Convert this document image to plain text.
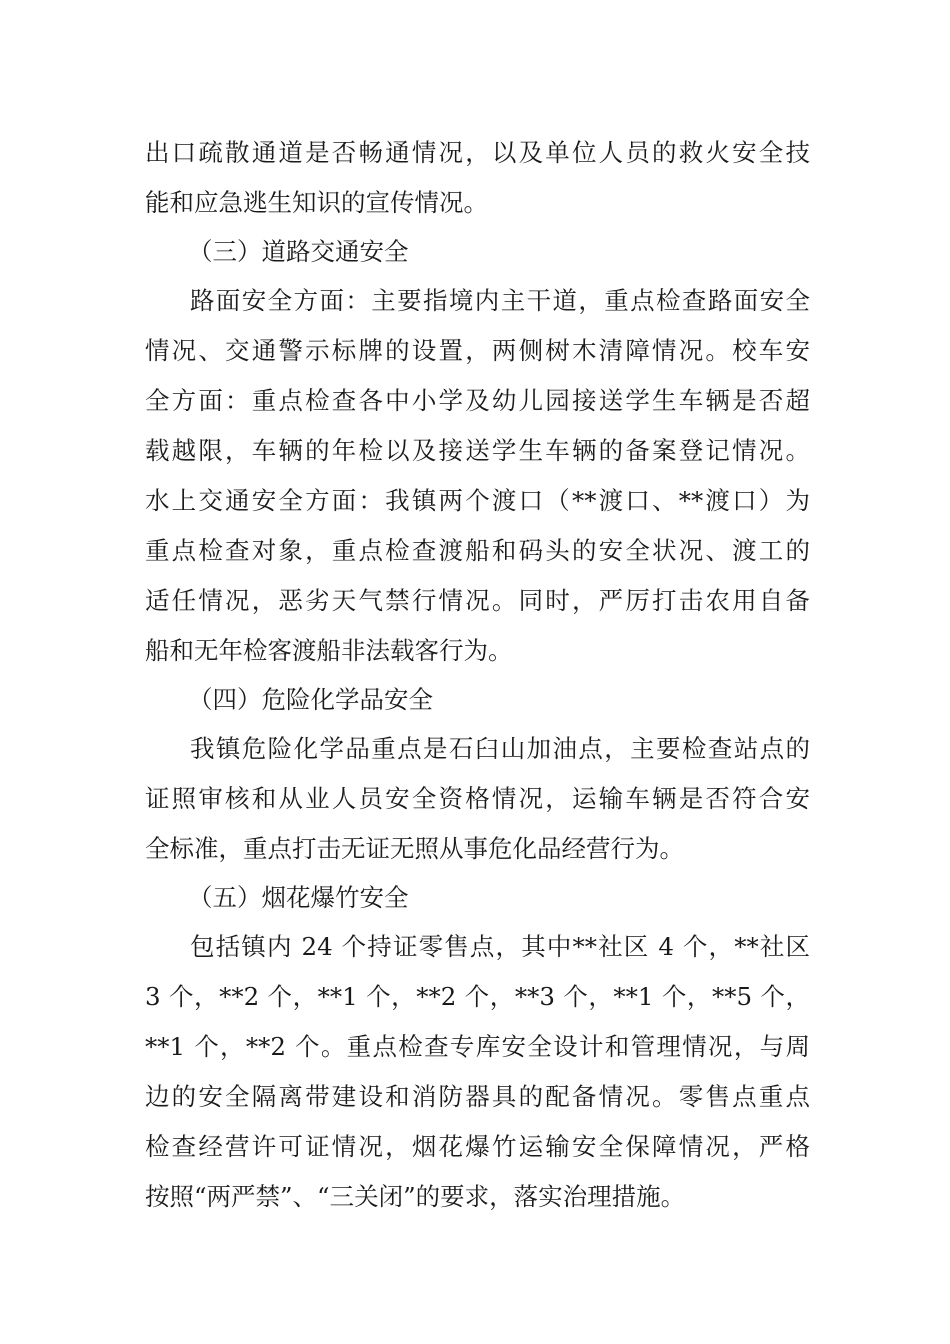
出口疏散通道是否畅通情况，以及单位人员的救火安全技
能和应急逃生知识的宣传情况。
（三）道路交通安全
路面安全方面：主要指境内主干道，重点检查路面安全
情况、交通警示标牌的设置，两侧树木清障情况。校车安
全方面：重点检查各中小学及幼儿园接送学生车辆是否超
载越限，车辆的年检以及接送学生车辆的备案登记情况。
水上交通安全方面：我镇两个渡口（**渡口、**渡口）为
重点检查对象，重点检查渡船和码头的安全状况、渡工的
适任情况，恶劣天气禁行情况。同时，严厉打击农用自备
船和无年检客渡船非法载客行为。
（四）危险化学品安全
我镇危险化学品重点是石臼山加油点，主要检查站点的
证照审核和从业人员安全资格情况，运输车辆是否符合安
全标准，重点打击无证无照从事危化品经营行为。
（五）烟花爆竹安全
包括镇内 24 个持证零售点，其中**社区 4 个，**社区
3 个，**2 个，**1 个，**2 个，**3 个，**1 个，**5 个，
**1 个，**2 个。重点检查专库安全设计和管理情况，与周
边的安全隔离带建设和消防器具的配备情况。零售点重点
检查经营许可证情况，烟花爆竹运输安全保障情况，严格
按照“两严禁”、“三关闭”的要求，落实治理措施。
